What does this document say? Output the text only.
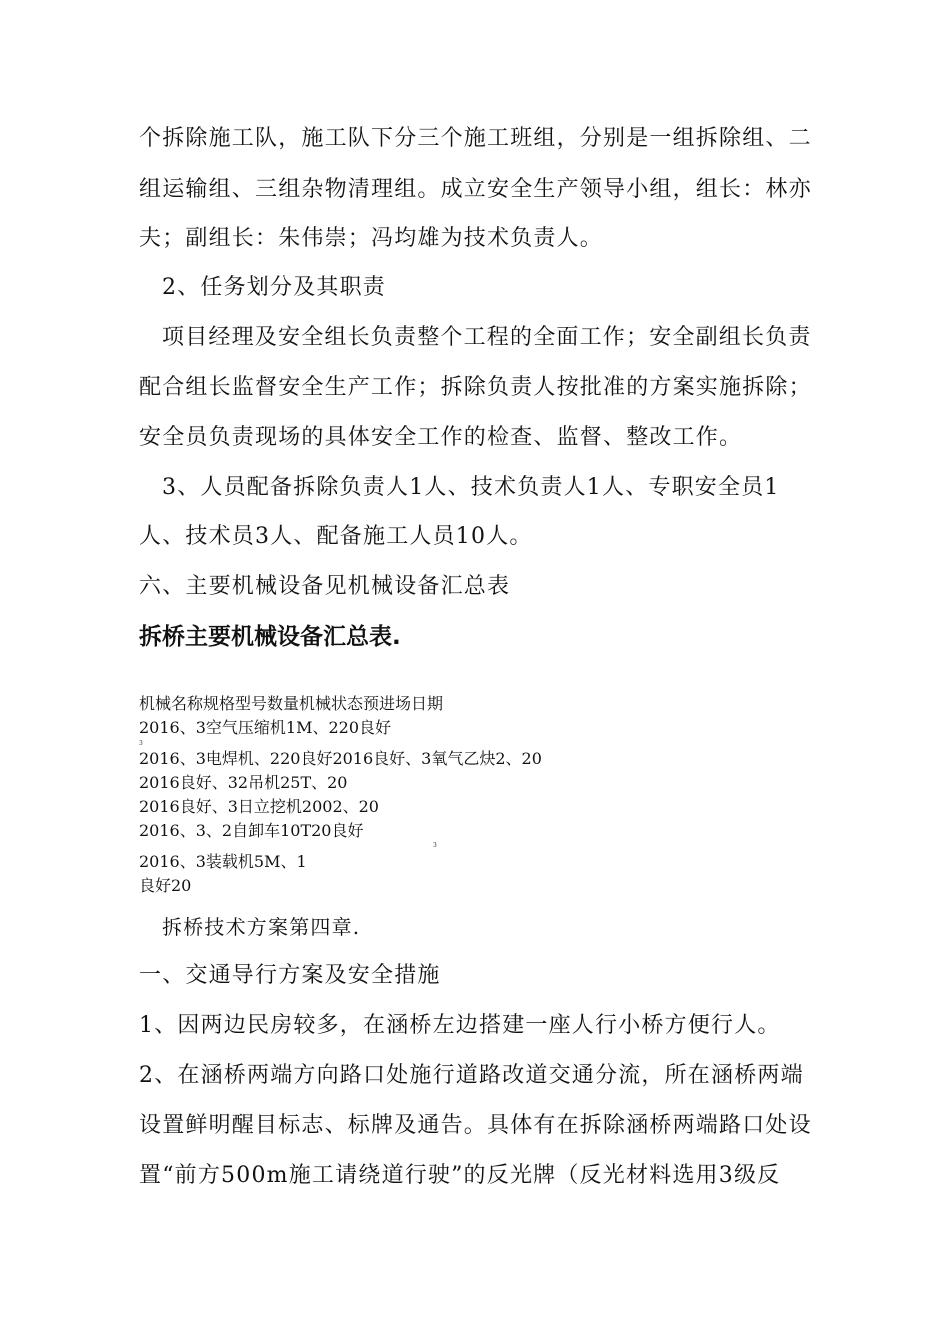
个拆除施工队，施工队下分三个施工班组，分别是一组拆除组、二
组运输组、三组杂物清理组。成立安全生产领导小组，组长：林亦
夫；副组长：朱伟崇；冯均雄为技术负责人。
2、任务划分及其职责
项目经理及安全组长负责整个工程的全面工作；安全副组长负责
配合组长监督安全生产工作；拆除负责人按批准的方案实施拆除；
安全员负责现场的具体安全工作的检查、监督、整改工作。
3、人员配备拆除负责人1人、技术负责人1人、专职安全员1
人、技术员3人、配备施工人员10人。
六、主要机械设备见机械设备汇总表
拆桥主要机械设备汇总表.
机械名称规格型号数量机械状态预进场日期
2016、3空气压缩机1M、220良好
3
2016、3电焊机、220良好2016良好、3氧气乙炔2、20
2016良好、32吊机25T、20
2016良好、3日立挖机2002、20
2016、3、2自卸车10T20良好
3
2016、3装载机5M、1
良好20
拆桥技术方案第四章.
一、交通导行方案及安全措施
1、因两边民房较多，在涵桥左边搭建一座人行小桥方便行人。
2、在涵桥两端方向路口处施行道路改道交通分流，所在涵桥两端
设置鲜明醒目标志、标牌及通告。具体有在拆除涵桥两端路口处设
置“前方500m施工请绕道行驶”的反光牌（反光材料选用3级反
